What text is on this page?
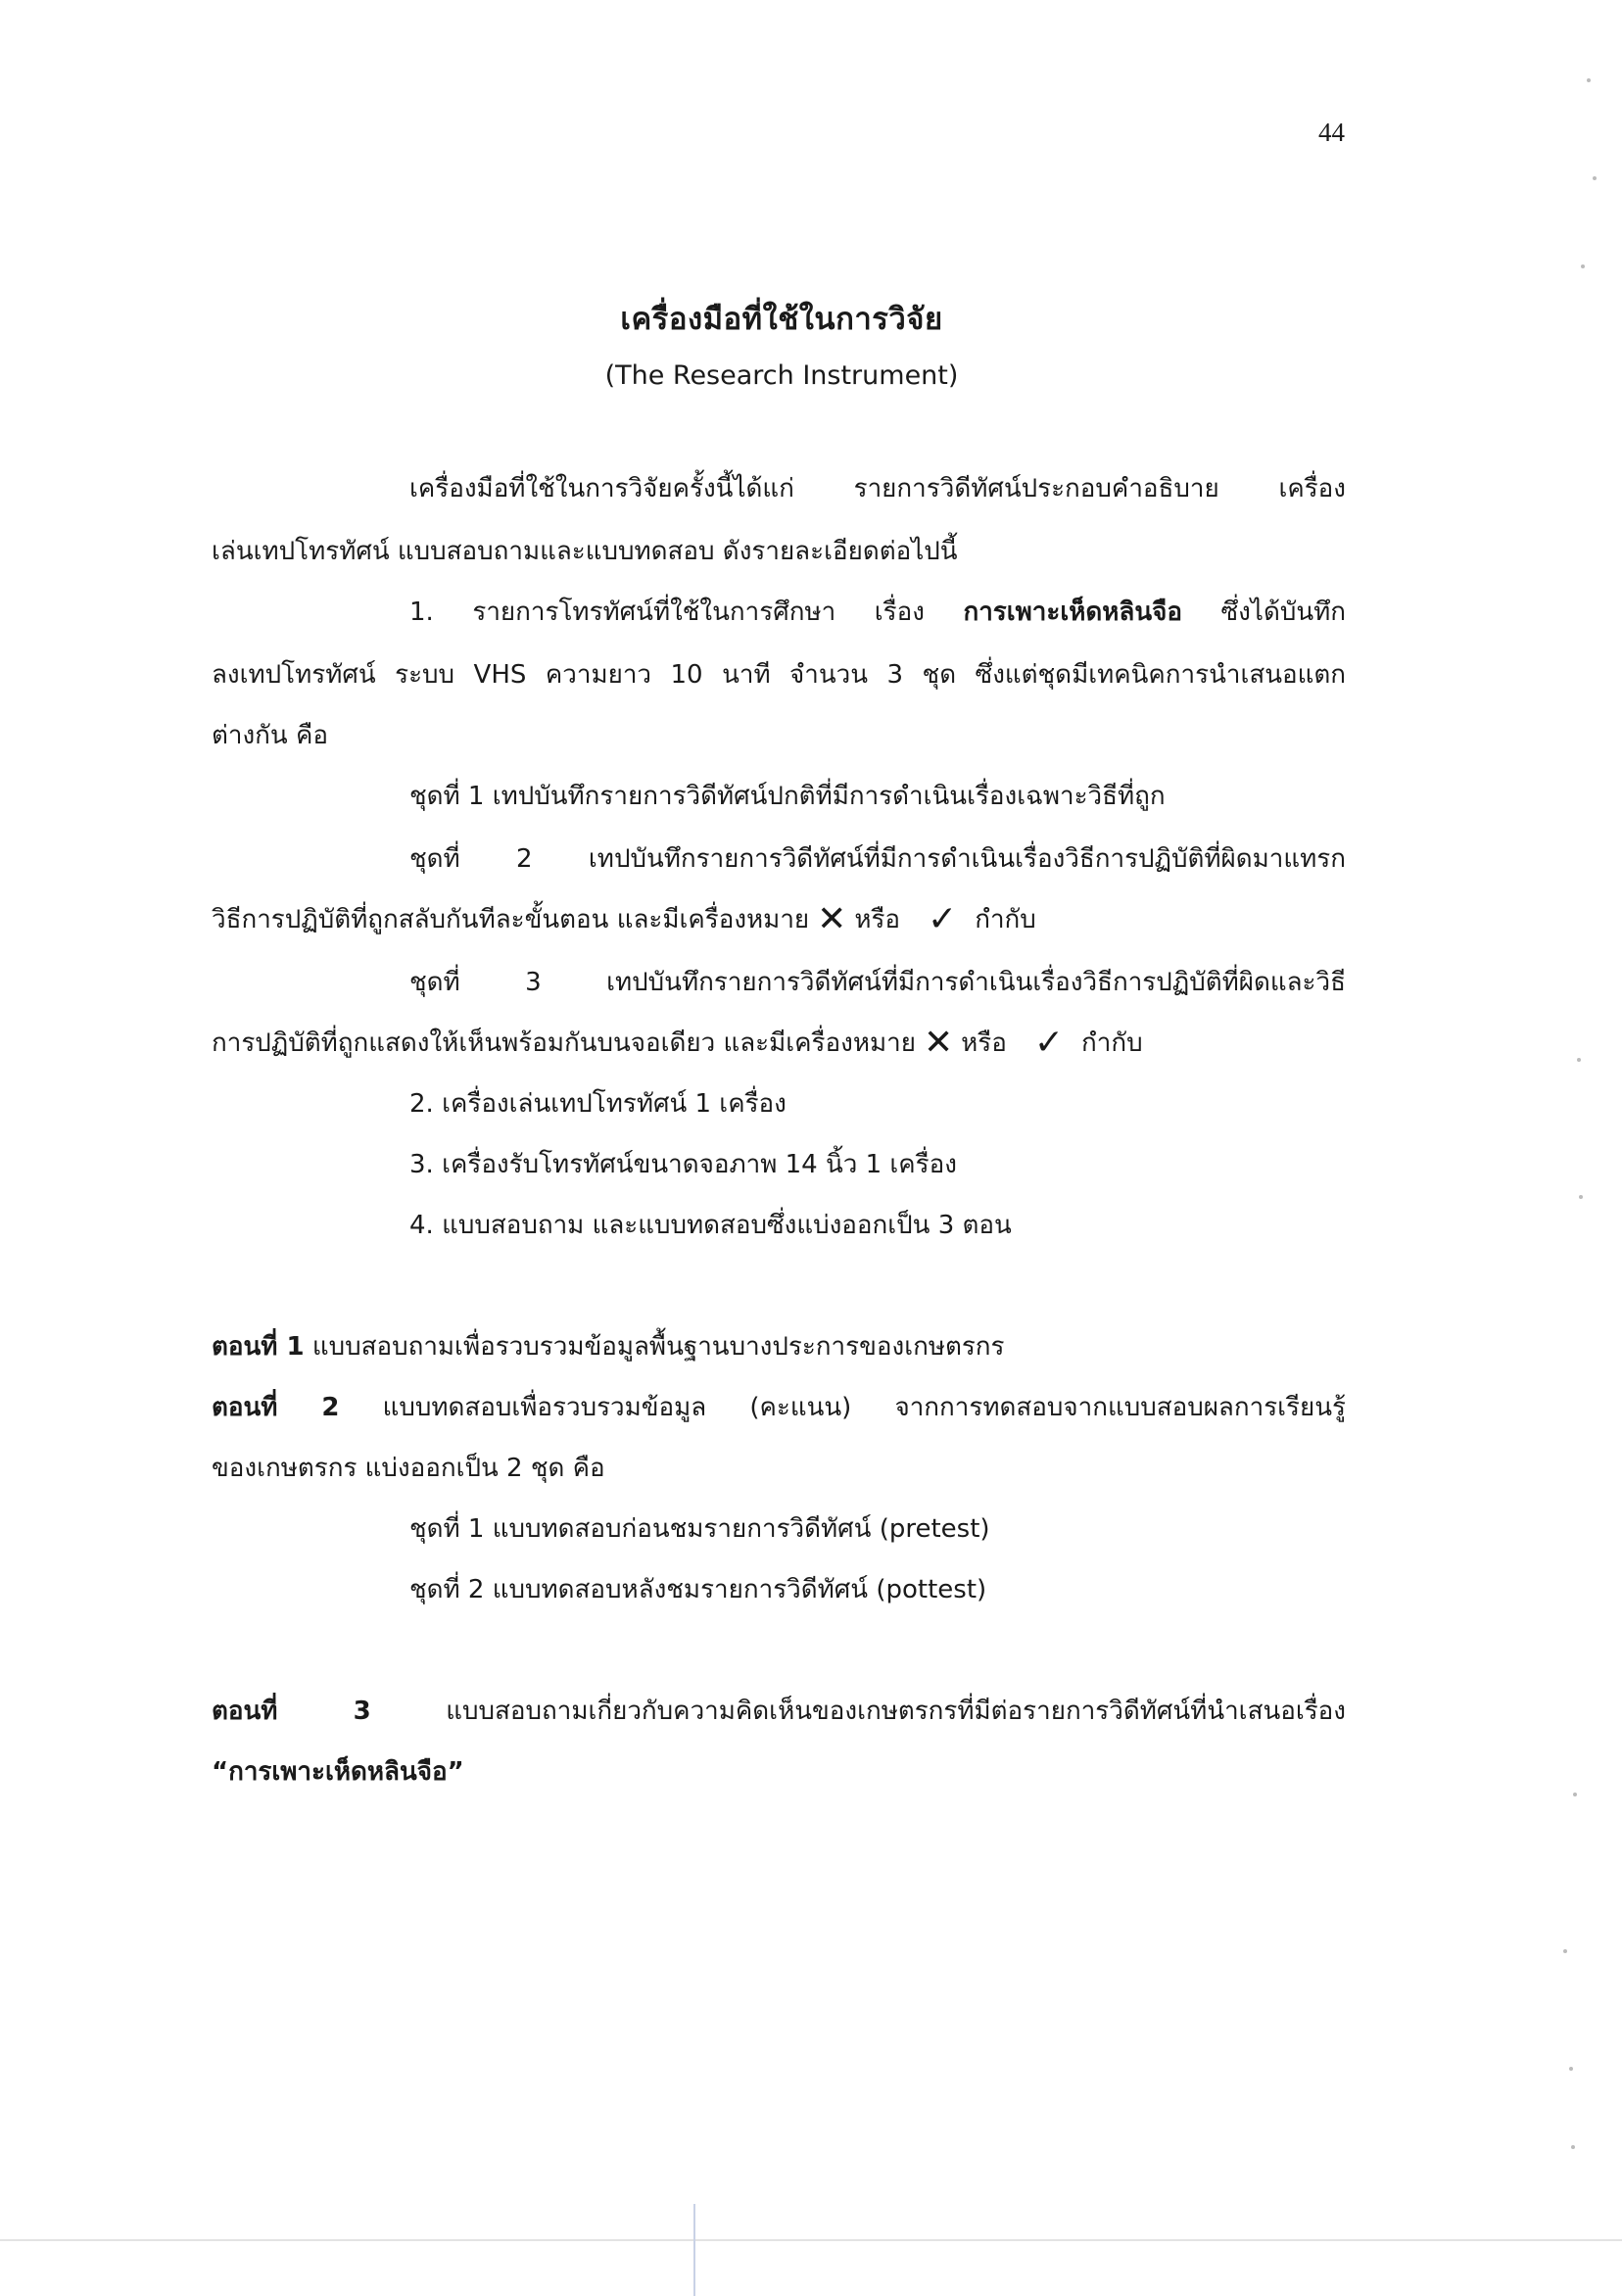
44
เครื่องมือที่ใช้ในการวิจัย
(The Research Instrument)
เครื่องมือที่ใช้ในการวิจัยครั้งนี้ได้แก่ รายการวิดีทัศน์ประกอบคำอธิบาย เครื่อง
เล่นเทปโทรทัศน์ แบบสอบถามและแบบทดสอบ ดังรายละเอียดต่อไปนี้
1. รายการโทรทัศน์ที่ใช้ในการศึกษา เรื่อง การเพาะเห็ดหลินจือ ซึ่งได้บันทึก
ลงเทปโทรทัศน์ ระบบ VHS ความยาว 10 นาที จำนวน 3 ชุด ซึ่งแต่ชุดมีเทคนิคการนำเสนอแตก
ต่างกัน คือ
ชุดที่ 1 เทปบันทึกรายการวิดีทัศน์ปกติที่มีการดำเนินเรื่องเฉพาะวิธีที่ถูก
ชุดที่ 2 เทปบันทึกรายการวิดีทัศน์ที่มีการดำเนินเรื่องวิธีการปฏิบัติที่ผิดมาแทรก
วิธีการปฏิบัติที่ถูกสลับกันทีละขั้นตอน และมีเครื่องหมาย ✕ หรือ ✓ กำกับ
ชุดที่ 3 เทปบันทึกรายการวิดีทัศน์ที่มีการดำเนินเรื่องวิธีการปฏิบัติที่ผิดและวิธี
การปฏิบัติที่ถูกแสดงให้เห็นพร้อมกันบนจอเดียว และมีเครื่องหมาย ✕ หรือ ✓ กำกับ
2. เครื่องเล่นเทปโทรทัศน์ 1 เครื่อง
3. เครื่องรับโทรทัศน์ขนาดจอภาพ 14 นิ้ว 1 เครื่อง
4. แบบสอบถาม และแบบทดสอบซึ่งแบ่งออกเป็น 3 ตอน
ตอนที่ 1 แบบสอบถามเพื่อรวบรวมข้อมูลพื้นฐานบางประการของเกษตรกร
ตอนที่ 2 แบบทดสอบเพื่อรวบรวมข้อมูล (คะแนน) จากการทดสอบจากแบบสอบผลการเรียนรู้
ของเกษตรกร แบ่งออกเป็น 2 ชุด คือ
ชุดที่ 1 แบบทดสอบก่อนชมรายการวิดีทัศน์ (pretest)
ชุดที่ 2 แบบทดสอบหลังชมรายการวิดีทัศน์ (pottest)
ตอนที่ 3 แบบสอบถามเกี่ยวกับความคิดเห็นของเกษตรกรที่มีต่อรายการวิดีทัศน์ที่นำเสนอเรื่อง
“การเพาะเห็ดหลินจือ”
